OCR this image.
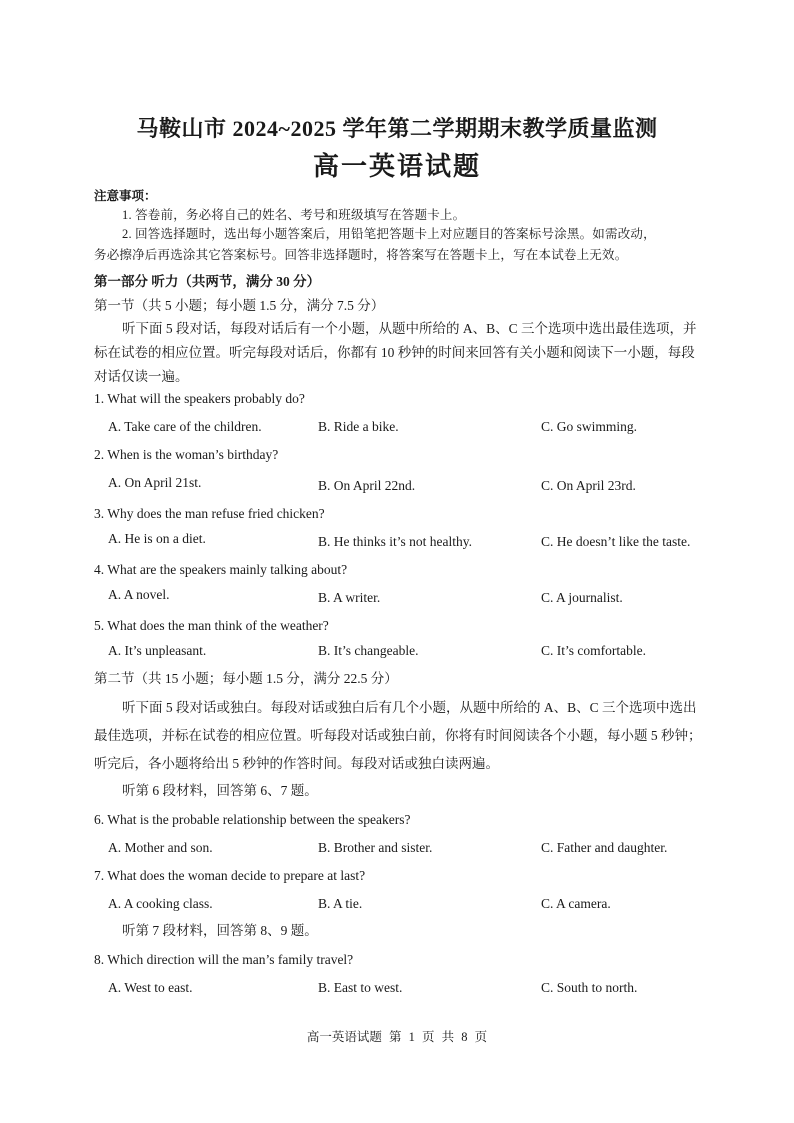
马鞍山市 2024~2025 学年第二学期期末教学质量监测
高一英语试题
注意事项：
1. 答卷前，务必将自己的姓名、考号和班级填写在答题卡上。
2. 回答选择题时，选出每小题答案后，用铅笔把答题卡上对应题目的答案标号涂黑。如需改动，
务必擦净后再选涂其它答案标号。回答非选择题时，将答案写在答题卡上，写在本试卷上无效。
第一部分 听力（共两节，满分 30 分）
第一节（共 5 小题；每小题 1.5 分，满分 7.5 分）
听下面 5 段对话，每段对话后有一个小题，从题中所给的 A、B、C 三个选项中选出最佳选项，并标在试卷的相应位置。听完每段对话后，你都有 10 秒钟的时间来回答有关小题和阅读下一小题，每段对话仅读一遍。
1. What will the speakers probably do?
A. Take care of the children.	B. Ride a bike.	C. Go swimming.
2. When is the woman’s birthday?
A. On April 21st.	B. On April 22nd.	C. On April 23rd.
3. Why does the man refuse fried chicken?
A. He is on a diet.	B. He thinks it’s not healthy.	C. He doesn’t like the taste.
4. What are the speakers mainly talking about?
A. A novel.	B. A writer.	C. A journalist.
5. What does the man think of the weather?
A. It’s unpleasant.	B. It’s changeable.	C. It’s comfortable.
第二节（共 15 小题；每小题 1.5 分，满分 22.5 分）
听下面 5 段对话或独白。每段对话或独白后有几个小题，从题中所给的 A、B、C 三个选项中选出最佳选项，并标在试卷的相应位置。听每段对话或独白前，你将有时间阅读各个小题，每小题 5 秒钟；听完后，各小题将给出 5 秒钟的作答时间。每段对话或独白读两遍。
听第 6 段材料，回答第 6、7 题。
6. What is the probable relationship between the speakers?
A. Mother and son.	B. Brother and sister.	C. Father and daughter.
7. What does the woman decide to prepare at last?
A. A cooking class.	B. A tie.	C. A camera.
听第 7 段材料，回答第 8、9 题。
8. Which direction will the man’s family travel?
A. West to east.	B. East to west.	C. South to north.
高一英语试题 第 1 页 共 8 页
